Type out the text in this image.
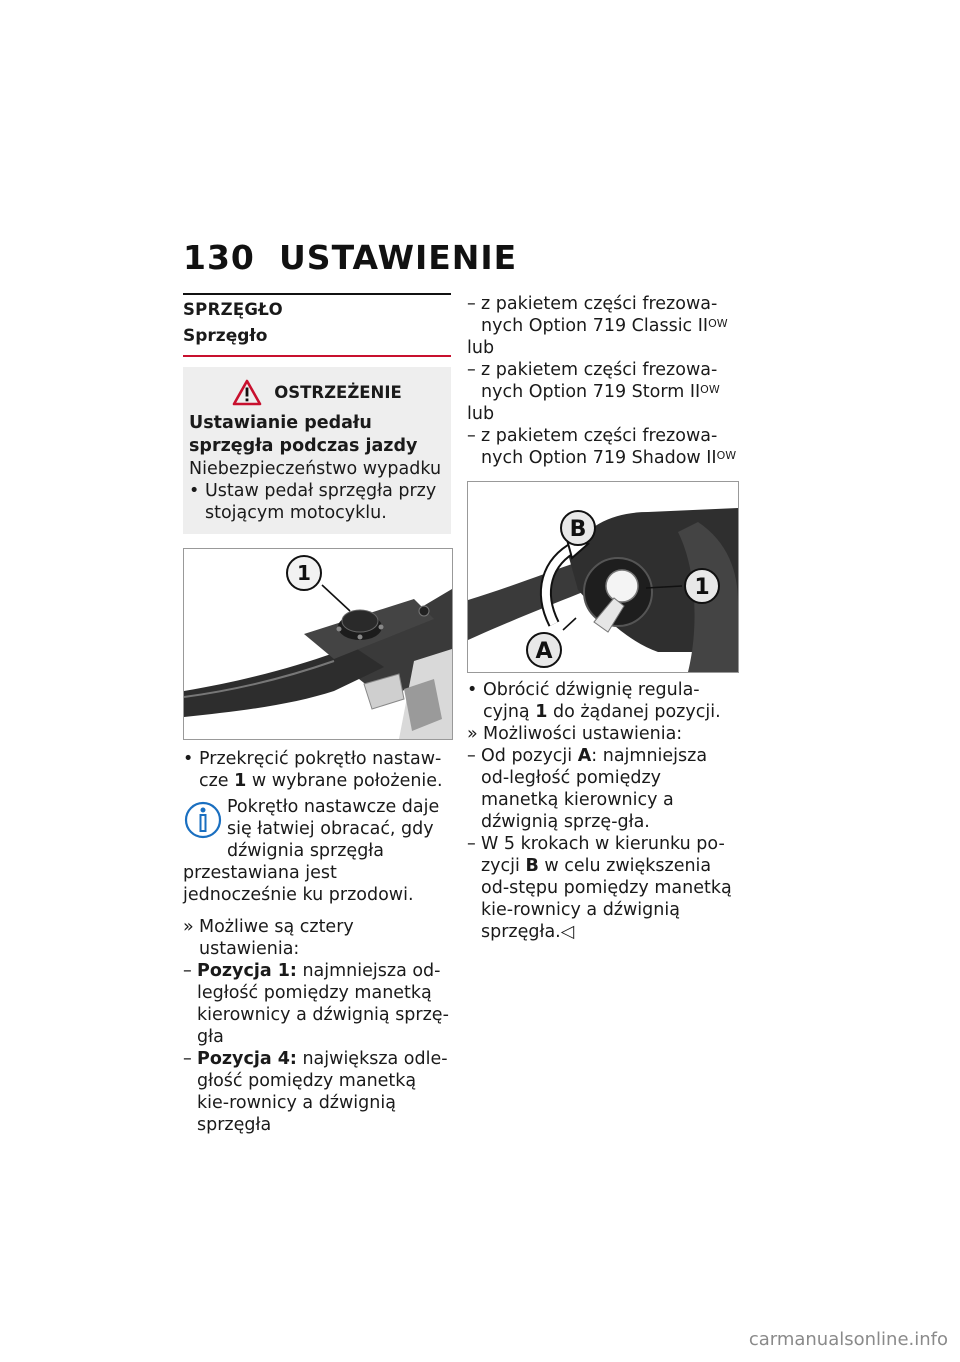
130 USTAWIENIE
SPRZĘGŁO
Sprzęgło
OSTRZEŻENIE
Ustawianie pedału sprzęgła podczas jazdy
Niebezpieczeństwo wypadku
• Ustaw pedał sprzęgła przy stojącym motocyklu.
1
• Przekręcić pokrętło nastaw-
cze 1 w wybrane położenie.
Pokrętło nastawcze daje się łatwiej obracać, gdy dźwignia sprzęgła przestawiana jest jednocześnie ku przodowi.
» Możliwe są cztery ustawienia:
– Pozycja 1: najmniejsza od-ległość pomiędzy manetką kierownicy a dźwignią sprzę-gła
– Pozycja 4: największa odle-głość pomiędzy manetką kie-rownicy a dźwignią sprzęgła
– z pakietem części frezowa-nych Option 719 Classic $II^{OW}$
lub
– z pakietem części frezowa-nych Option 719 Storm $II^{OW}$
lub
– z pakietem części frezowa-nych Option 719 Shadow $II^{OW}$
B
A
1
• Obrócić dźwignię regula-cyjną 1 do żądanej pozycji.
» Możliwości ustawienia:
– Od pozycji A: najmniejsza od-ległość pomiędzy manetką kierownicy a dźwignią sprzę-gła.
– W 5 krokach w kierunku po-zycji B w celu zwiększenia od-stępu pomiędzy manetką kie-rownicy a dźwignią sprzęgła.◁
carmanualsonline.info
